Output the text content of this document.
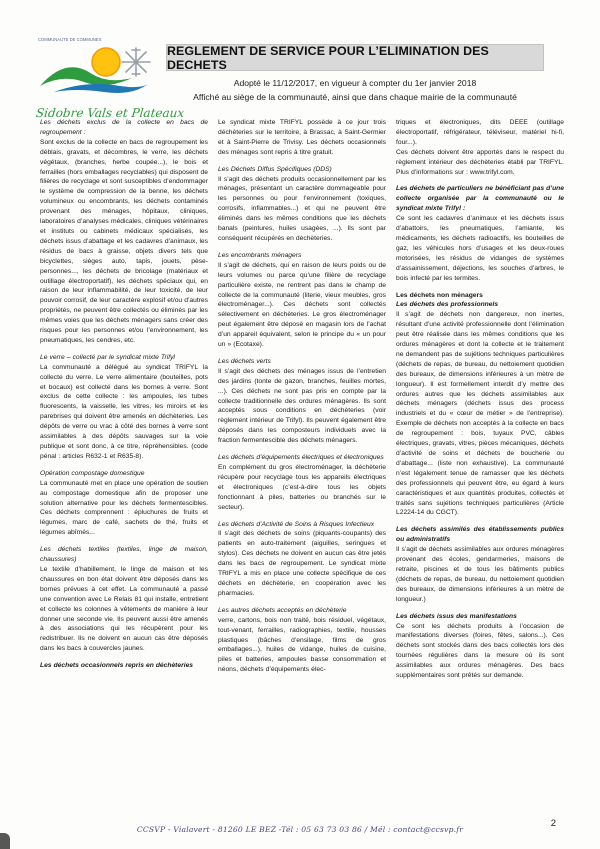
COMMUNAUTE DE COMMUNES
Sidobre Vals et Plateaux
REGLEMENT DE SERVICE POUR L’ELIMINATION DES DECHETS
Adopté le 11/12/2017, en vigueur à compter du 1er janvier 2018
Affiché au siège de la communauté, ainsi que dans chaque mairie de la communauté

Les déchets exclus de la collecte en bacs de regroupement :

Sont exclus de la collecte en bacs de regroupement les déblais, gravats, et décombres, le verre, les déchets végétaux, (branches, herbe coupée...), le bois et ferrailles (hors emballages recyclables) qui disposent de filières de recyclage et sont susceptibles d’endommager le système de compression de la benne, les déchets volumineux ou encombrants, les déchets contaminés provenant des ménages, hôpitaux, cliniques, laboratoires d’analyses médicales, cliniques vétérinaires et instituts ou cabinets médicaux spécialisés, les déchets issus d’abattage et les cadavres d’animaux, les résidus de bacs à graisse, objets divers tels que bicyclettes, sièges auto, tapis, jouets, pèse-personnes..., les déchets de bricolage (matériaux et outillage électroportatif), les déchets spéciaux qui, en raison de leur inflammabilité, de leur toxicité, de leur pouvoir corrosif, de leur caractère explosif et/ou d’autres propriétés, ne peuvent être collectés ou éliminés par les mêmes voies que les déchets ménagers sans créer des risques pour les personnes et/ou l’environnement, les pneumatiques, les cendres, etc.

Le verre – collecté par le syndicat mixte Trifyl

La communauté a délégué au syndicat TRIFYL la collecte du verre. Le verre alimentaire (bouteilles, pots et bocaux) est collecté dans les bornes à verre. Sont exclus de cette collecte : les ampoules, les tubes fluorescents, la vaisselle, les vitres, les miroirs et les parebrises qui doivent être amenés en déchèteries. Les dépôts de verre ou vrac à côté des bornes à verre sont assimilables à des dépôts sauvages sur la voie publique et sont donc, à ce titre, répréhensibles. (code pénal : articles R632-1 et R635-8).

Opération compostage domestique

La communauté met en place une opération de soutien au compostage domestique afin de proposer une solution alternative pour les déchets fermentescibles. Ces déchets comprennent : épluchures de fruits et légumes, marc de café, sachets de thé, fruits et légumes abîmés...

Les déchets textiles (textiles, linge de maison, chaussures)

Le textile d’habillement, le linge de maison et les chaussures en bon état doivent être déposés dans les bornes prévues à cet effet. La communauté a passé une convention avec Le Relais 81 qui installe, entretient et collecte les colonnes à vêtements de manière à leur donner une seconde vie. Ils peuvent aussi être amenés à des associations qui les récupèrent pour les redistribuer. Ils ne doivent en aucun cas être déposés dans les bacs à couvercles jaunes.

Les déchets occasionnels repris en déchèteries

Le syndicat mixte TRIFYL possède à ce jour trois déchèteries sur le territoire, à Brassac, à Saint-Germier et à Saint-Pierre de Trivisy. Les déchets occasionnels des ménages sont repris à titre gratuit.

Les Déchets Diffus Spécifiques (DDS)

Il s’agit des déchets produits occasionnellement par les ménages, présentant un caractère dommageable pour les personnes ou pour l’environnement (toxiques, corrosifs, inflammables...) et qui ne peuvent être éliminés dans les mêmes conditions que les déchets banals (peintures, huiles usagées, ...). Ils sont par conséquent récupérés en déchèteries.

Les encombrants ménagers

Il s’agit de déchets, qui en raison de leurs poids ou de leurs volumes ou parce qu’une filière de recyclage particulière existe, ne rentrent pas dans le champ de collecte de la communauté (literie, vieux meubles, gros électroménager...). Ces déchets sont collectés sélectivement en déchèteries. Le gros électroménager peut également être déposé en magasin lors de l’achat d’un appareil équivalent, selon le principe du « un pour un » (Ecotaxe).

Les déchets verts

Il s’agit des déchets des ménages issus de l’entretien des jardins (tonte de gazon, branches, feuilles mortes, ...). Ces déchets ne sont pas pris en compte par la collecte traditionnelle des ordures ménagères. Ils sont acceptés sous conditions en déchèteries (voir règlement intérieur de Trifyl). Ils peuvent également être déposés dans les composteurs individuels avec la fraction fermentescible des déchets ménagers.

Les déchets d’équipements électriques et électroniques

En complément du gros électroménager, la déchèterie récupère pour recyclage tous les appareils électriques et électroniques (c’est-à-dire tous les objets fonctionnant à piles, batteries ou branchés sur le secteur).

Les déchets d’Activité de Soins à Risques Infectieux

Il s’agit des déchets de soins (piquants-coupants) des patients en auto-traitement (aiguilles, seringues et stylos). Ces déchets ne doivent en aucun cas être jetés dans les bacs de regroupement. Le syndicat mixte TRIFYL a mis en place une collecte spécifique de ces déchets en déchèterie, en coopération avec les pharmacies.

Les autres déchets acceptés en déchèterie

verre, cartons, bois non traité, bois résiduel, végétaux, tout-venant, ferrailles, radiographies, textile, housses plastiques (bâches d’ensilage, films de gros emballages...), huiles de vidange, huiles de cuisine, piles et batteries, ampoules basse consommation et néons, déchets d’équipements élec-

triques et électroniques, dits DEEE (outillage électroportatif, réfrigérateur, téléviseur, matériel hi-fi, four...).

Ces déchets doivent être apportés dans le respect du règlement intérieur des déchèteries établi par TRIFYL. Plus d’informations sur : www.trifyl.com.

Les déchets de particuliers ne bénéficiant pas d’une collecte organisée par la communauté ou le syndicat mixte Trifyl :

Ce sont les cadavres d’animaux et les déchets issus d’abattoirs, les pneumatiques, l’amiante, les médicaments, les déchets radioactifs, les bouteilles de gaz, les véhicules hors d’usages et les deux-roues motorisées, les résidus de vidanges de systèmes d’assainissement, déjections, les souches d’arbres, le bois infecté par les termites.

Les déchets non ménagers

Les déchets des professionnels

Il s’agit de déchets non dangereux, non inertes, résultant d’une activité professionnelle dont l’élimination peut être réalisée dans les mêmes conditions que les ordures ménagères et dont la collecte et le traitement ne demandent pas de sujétions techniques particulières (déchets de repas, de bureau, du nettoiement quotidien des bureaux, de dimensions inférieures à un mètre de longueur). Il est formellement interdit d’y mettre des ordures autres que les déchets assimilables aux déchets ménagers (déchets issus des process industriels et du « cœur de métier » de l’entreprise). Exemple de déchets non acceptés à la collecte en bacs de regroupement : bois, tuyaux PVC, câbles électriques, gravats, vitres, pièces mécaniques, déchets d’activité de soins et déchets de boucherie ou d’abattage... (liste non exhaustive). La communauté n’est légalement tenue de ramasser que les déchets des professionnels qui peuvent être, eu égard à leurs caractéristiques et aux quantités produites, collectés et traités sans sujétions techniques particulières (Article L2224-14 du CGCT).

Les déchets assimilés des établissements publics ou administratifs

Il s’agit de déchets assimilables aux ordures ménagères provenant des écoles, gendarmeries, maisons de retraite, piscines et de tous les bâtiments publics (déchets de repas, de bureau, du nettoiement quotidien des bureaux, de dimensions inférieures à un mètre de longueur.)

Les déchets issus des manifestations

Ce sont les déchets produits à l’occasion de manifestations diverses (foires, fêtes, salons...). Ces déchets sont stockés dans des bacs collectés lors des tournées régulières dans la mesure où ils sont assimilables aux ordures ménagères. Des bacs supplémentaires sont prêtés sur demande.

CCSVP - Vialavert - 81260 LE BEZ -Tél : 05 63 73 03 86 / Mél : contact@ccsvp.fr
2
